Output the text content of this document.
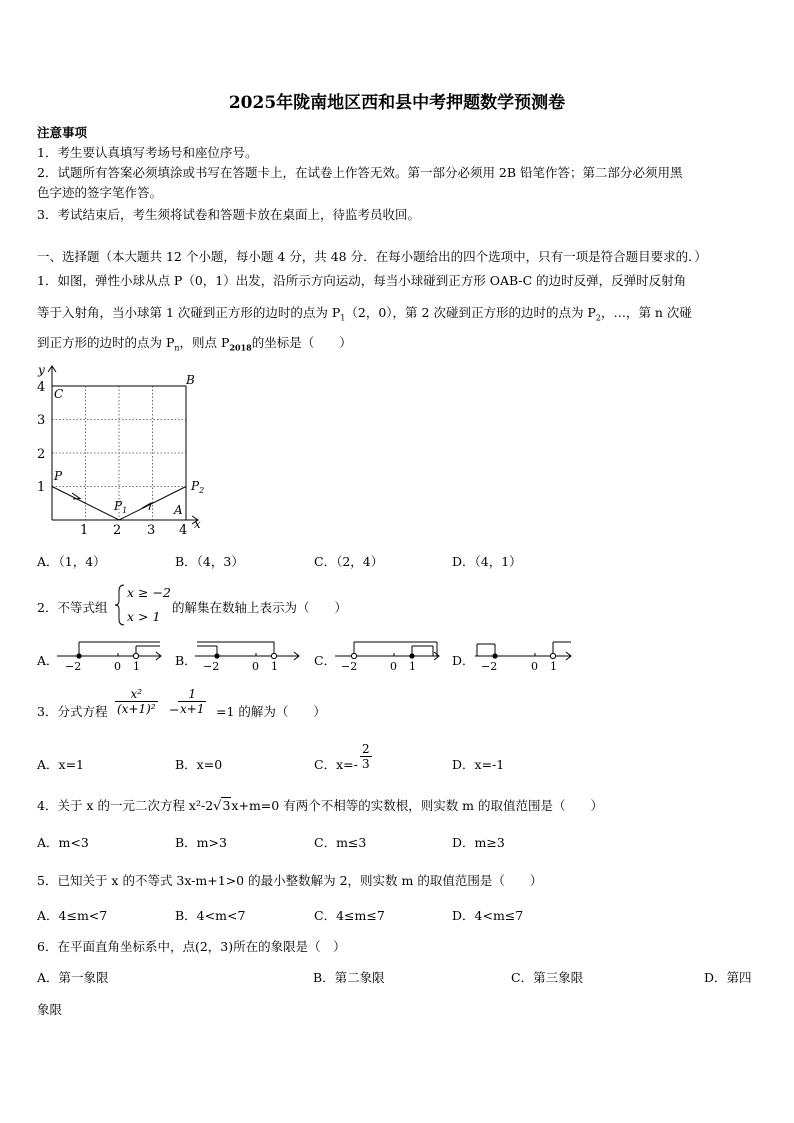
2025年陇南地区西和县中考押题数学预测卷
注意事项
1．考生要认真填写考场号和座位序号。
2．试题所有答案必须填涂或书写在答题卡上，在试卷上作答无效。第一部分必须用 2B 铅笔作答；第二部分必须用黑
色字迹的签字笔作答。
3．考试结束后，考生须将试卷和答题卡放在桌面上，待监考员收回。
一、选择题（本大题共 12 个小题，每小题 4 分，共 48 分．在每小题给出的四个选项中，只有一项是符合题目要求的．）
1．如图，弹性小球从点 P（0，1）出发，沿所示方向运动，每当小球碰到正方形 OAB-C 的边时反弹，反弹时反射角
等于入射角，当小球第 1 次碰到正方形的边时的点为 $P_1(2$，0），第 2 次碰到正方形的边时的点为 $P_2$，…，第 n 次碰
到正方形的边时的点为 $P_n$，则点 $P_{2018}$的坐标是（　　）
y
x
4
3
2
1
1 2 3 4
C
B
P
A
$P_1$
$P_2$
A．（1，4）	B．（4，3）	C．（2，4）	D．（4，1）
2．不等式组
x ≥ −2
x > 1
的解集在数轴上表示为（　　）
A． −2	0 1	B． −2	0 1	C． −2	0 1	D． −2	0 1
3．分式方程 $\frac{\text{x²}}{\text{(x+1)²}}$ −
$\frac{1}{x+1} =1$ 的解为（　　）
A．x=1	B．x=0	C．$x=- \frac{2}{3}$	D．x=-1
4．关于 x 的一元二次方程 x²-2√3x+m=0 有两个不相等的实数根，则实数 m 的取值范围是（　　）
A．m<3	B．m>3	C．m≤3	D．m≥3
5．已知关于 x 的不等式 3x-m+1>0 的最小整数解为 2，则实数 m 的取值范围是（　　）
A．4≤m<7	B．4<m<7	C．4≤m≤7	D．4<m≤7
6．在平面直角坐标系中，点(2，3)所在的象限是（　）
A．第一象限	B．第二象限	C．第三象限	D．第四
象限
